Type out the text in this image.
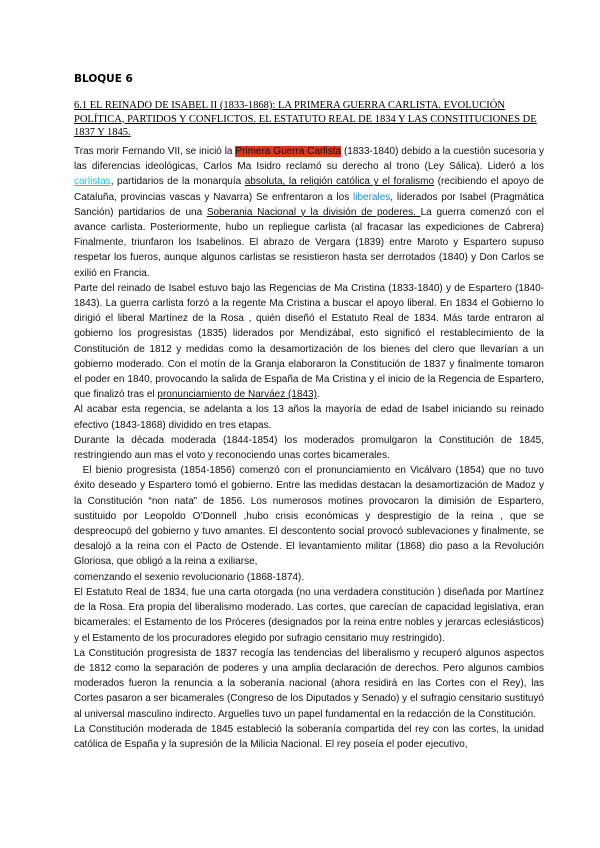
BLOQUE 6
6.1 EL REINADO DE ISABEL II (1833-1868): LA PRIMERA GUERRA CARLISTA. EVOLUCIÓN POLÍTICA, PARTIDOS Y CONFLICTOS. EL ESTATUTO REAL DE 1834 Y LAS CONSTITUCIONES DE 1837 Y 1845.

Tras morir Fernando VII, se inició la Primera Guerra Carlista (1833-1840) debido a la cuestión sucesoria y las diferencias ideológicas, Carlos Ma Isidro reclamó su derecho al trono (Ley Sálica). Lideró a los carlistas, partidarios de la monarquía absoluta, la religión católica y el foralismo (recibiendo el apoyo de Cataluña, provincias vascas y Navarra) Se enfrentaron a los liberales, liderados por Isabel (Pragmática Sanción) partidarios de una Soberania Nacional y la división de poderes. La guerra comenzó con el avance carlista. Posteriormente, hubo un repliegue carlista (al fracasar las expediciones de Cabrera) Finalmente, triunfaron los Isabelinos. El abrazo de Vergara (1839) entre Maroto y Espartero supuso respetar los fueros, aunque algunos carlistas se resistieron hasta ser derrotados (1840) y Don Carlos se exilió en Francia.

Parte del reinado de Isabel estuvo bajo las Regencias de Ma Cristina (1833-1840) y de Espartero (1840-1843). La guerra carlista forzó a la regente Ma Cristina a buscar el apoyo liberal. En 1834 el Gobierno lo dirigió el liberal Martínez de la Rosa , quién diseñó el Estatuto Real de 1834. Más tarde entraron al gobierno los progresistas (1835) liderados por Mendizábal, esto significó el restablecimiento de la Constitución de 1812 y medidas como la desamortización de los bienes del clero que llevarían a un gobierno moderado. Con el motín de la Granja elaboraron la Constitución de 1837 y finalmente tomaron el poder en 1840, provocando la salida de España de Ma Cristina y el inicio de la Regencia de Espartero, que finalizó tras el pronunciamiento de Narváez (1843).

Al acabar esta regencia, se adelanta a los 13 años la mayoría de edad de Isabel iniciando su reinado efectivo (1843-1868) dividido en tres etapas.

Durante la década moderada (1844-1854) los moderados promulgaron la Constitución de 1845, restringiendo aun mas el voto y reconociendo unas cortes bicamerales.

El bienio progresista (1854-1856) comenzó con el pronunciamiento en Vicálvaro (1854) que no tuvo éxito deseado y Espartero tomó el gobierno. Entre las medidas destacan la desamortización de Madoz y la Constitución “non nata” de 1856. Los numerosos motines provocaron la dimisión de Espartero, sustituido por Leopoldo O’Donnell ,hubo crisis económicas y desprestigio de la reina , que se despreocupó del gobierno y tuvo amantes. El descontento social provocó sublevaciones y finalmente, se desalojó a la reina con el Pacto de Ostende. El levantamiento militar (1868) dio paso a la Revolución Gloriosa, que obligó a la reina a exiliarse,

comenzando el sexenio revolucionario (1868-1874).

El Estatuto Real de 1834, fue una carta otorgada (no una verdadera constitución ) diseñada por Martínez de la Rosa. Era propia del liberalismo moderado. Las cortes, que carecían de capacidad legislativa, eran bicamerales: el Estamento de los Próceres (designados por la reina entre nobles y jerarcas eclesiásticos) y el Estamento de los procuradores elegido por sufragio censitario muy restringido).

La Constitución progresista de 1837 recogía las tendencias del liberalismo y recuperó algunos aspectos de 1812 como la separación de poderes y una amplia declaración de derechos. Pero algunos cambios moderados fueron la renuncia a la soberanía nacional (ahora residirá en las Cortes con el Rey), las Cortes pasaron a ser bicamerales (Congreso de los Diputados y Senado) y el sufragio censitario sustituyó al universal masculino indirecto. Arguelles tuvo un papel fundamental en la redacción de la Constitución.

La Constitución moderada de 1845 estableció la soberanía compartida del rey con las cortes, la unidad católica de España y la supresión de la Milicia Nacional. El rey poseía el poder ejecutivo,
